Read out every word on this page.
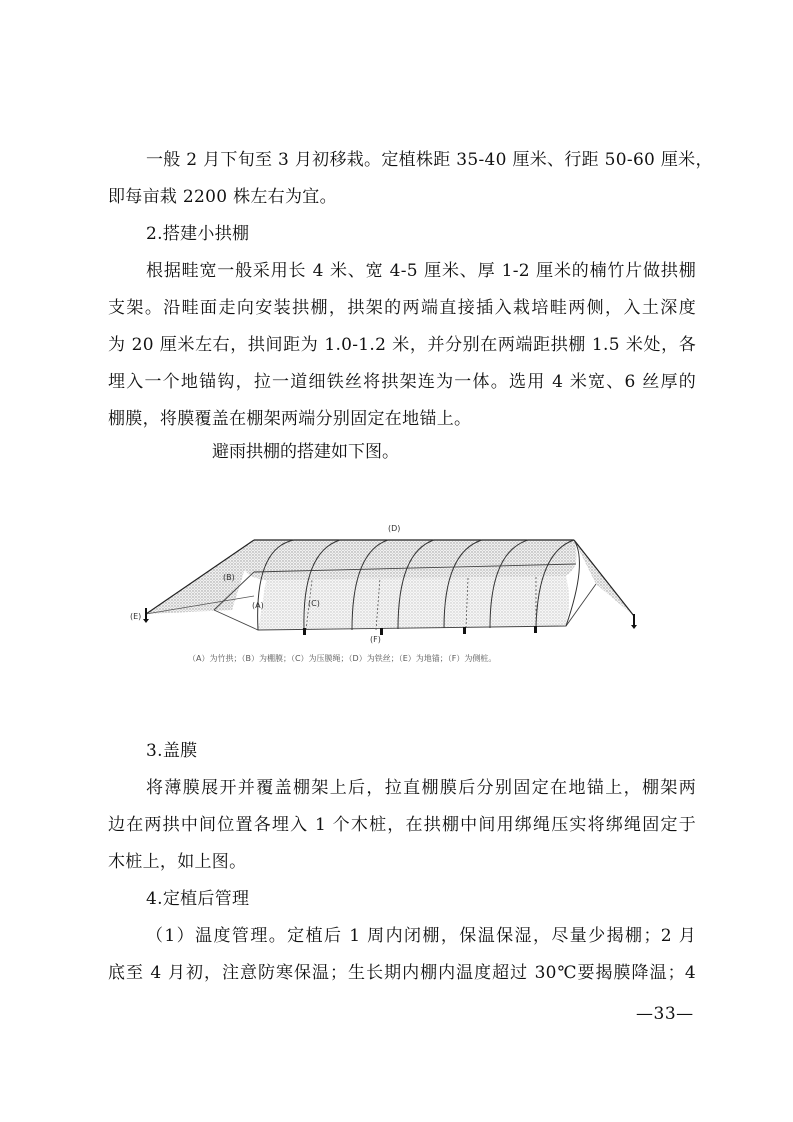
一般 2 月下旬至 3 月初移栽。定植株距 35-40 厘米、行距 50-60 厘米，
即每亩栽 2200 株左右为宜。
2.搭建小拱棚
根据畦宽一般采用长 4 米、宽 4-5 厘米、厚 1-2 厘米的楠竹片做拱棚
支架。沿畦面走向安装拱棚，拱架的两端直接插入栽培畦两侧，入土深度
为 20 厘米左右，拱间距为 1.0-1.2 米，并分别在两端距拱棚 1.5 米处，各
埋入一个地锚钩，拉一道细铁丝将拱架连为一体。选用 4 米宽、6 丝厚的
棚膜，将膜覆盖在棚架两端分别固定在地锚上。
避雨拱棚的搭建如下图。
(D)
(B)
(A)	(C)
(E)
(F)
（A）为竹拱；（B）为棚膜；（C）为压膜绳；（D）为铁丝；（E）为地锚；（F）为侧桩。
3.盖膜
将薄膜展开并覆盖棚架上后，拉直棚膜后分别固定在地锚上，棚架两
边在两拱中间位置各埋入 1 个木桩，在拱棚中间用绑绳压实将绑绳固定于
木桩上，如上图。
4.定植后管理
（1）温度管理。定植后 1 周内闭棚，保温保湿，尽量少揭棚；2 月
底至 4 月初，注意防寒保温；生长期内棚内温度超过 30℃要揭膜降温；4
—33—
